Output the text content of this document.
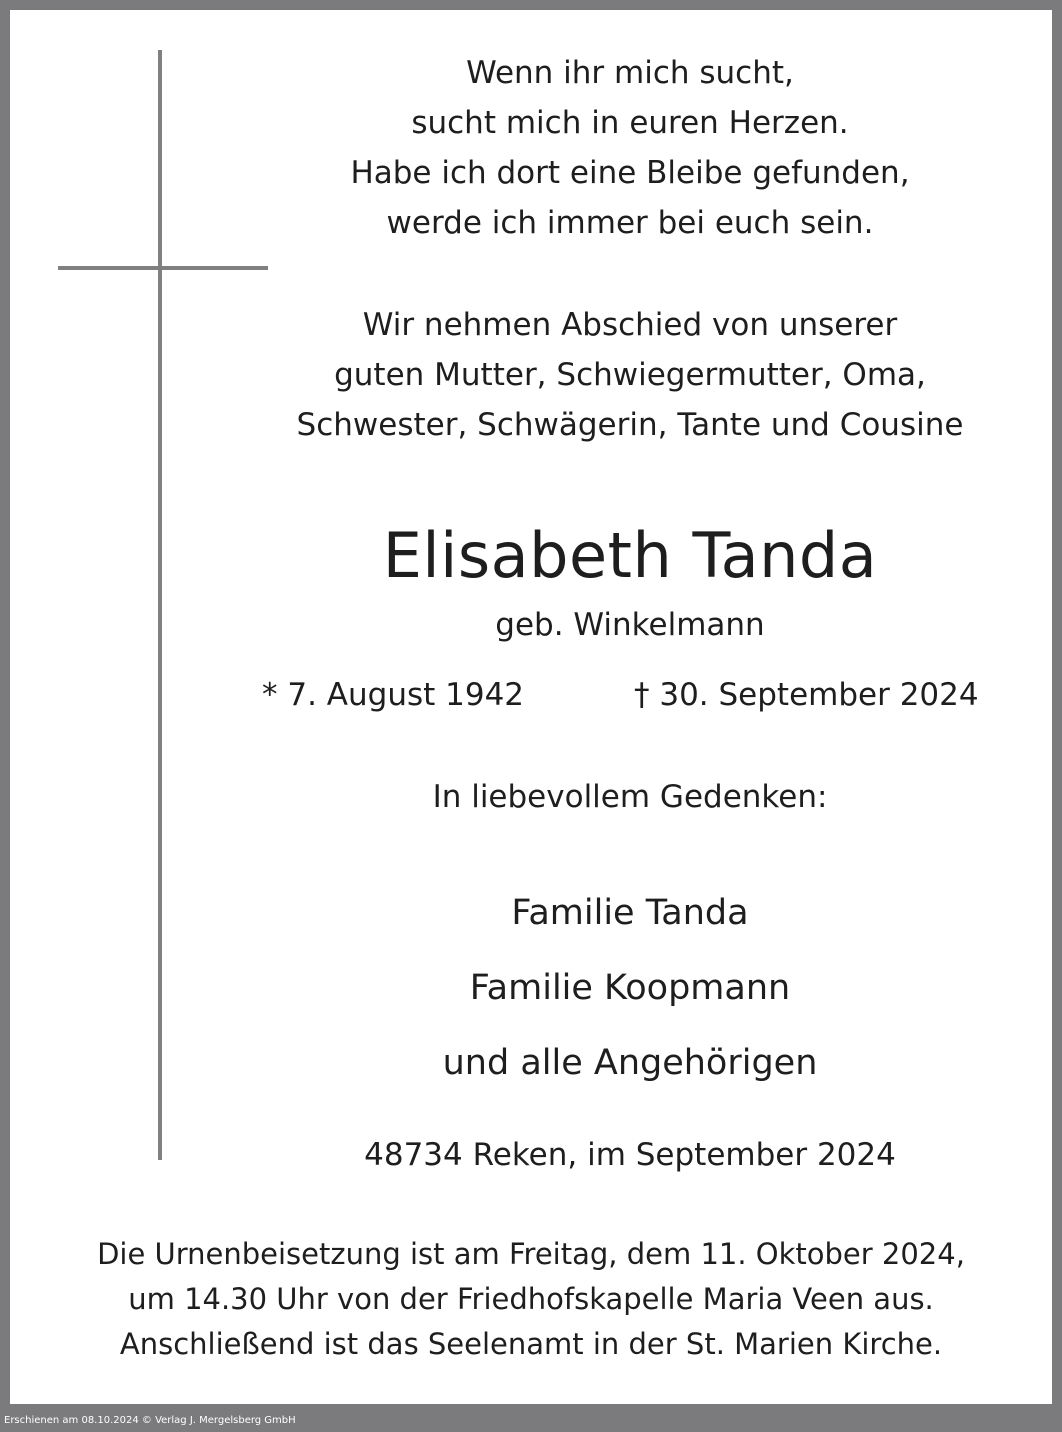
Wenn ihr mich sucht,
sucht mich in euren Herzen.
Habe ich dort eine Bleibe gefunden,
werde ich immer bei euch sein.

Wir nehmen Abschied von unserer
guten Mutter, Schwiegermutter, Oma,
Schwester, Schwägerin, Tante und Cousine

Elisabeth Tanda

geb. Winkelmann

* 7. August 1942	† 30. September 2024

In liebevollem Gedenken:

Familie Tanda
Familie Koopmann
und alle Angehörigen

48734 Reken, im September 2024

Die Urnenbeisetzung ist am Freitag, dem 11. Oktober 2024,
um 14.30 Uhr von der Friedhofskapelle Maria Veen aus.
Anschließend ist das Seelenamt in der St. Marien Kirche.

Erschienen am 08.10.2024 © Verlag J. Mergelsberg GmbH
